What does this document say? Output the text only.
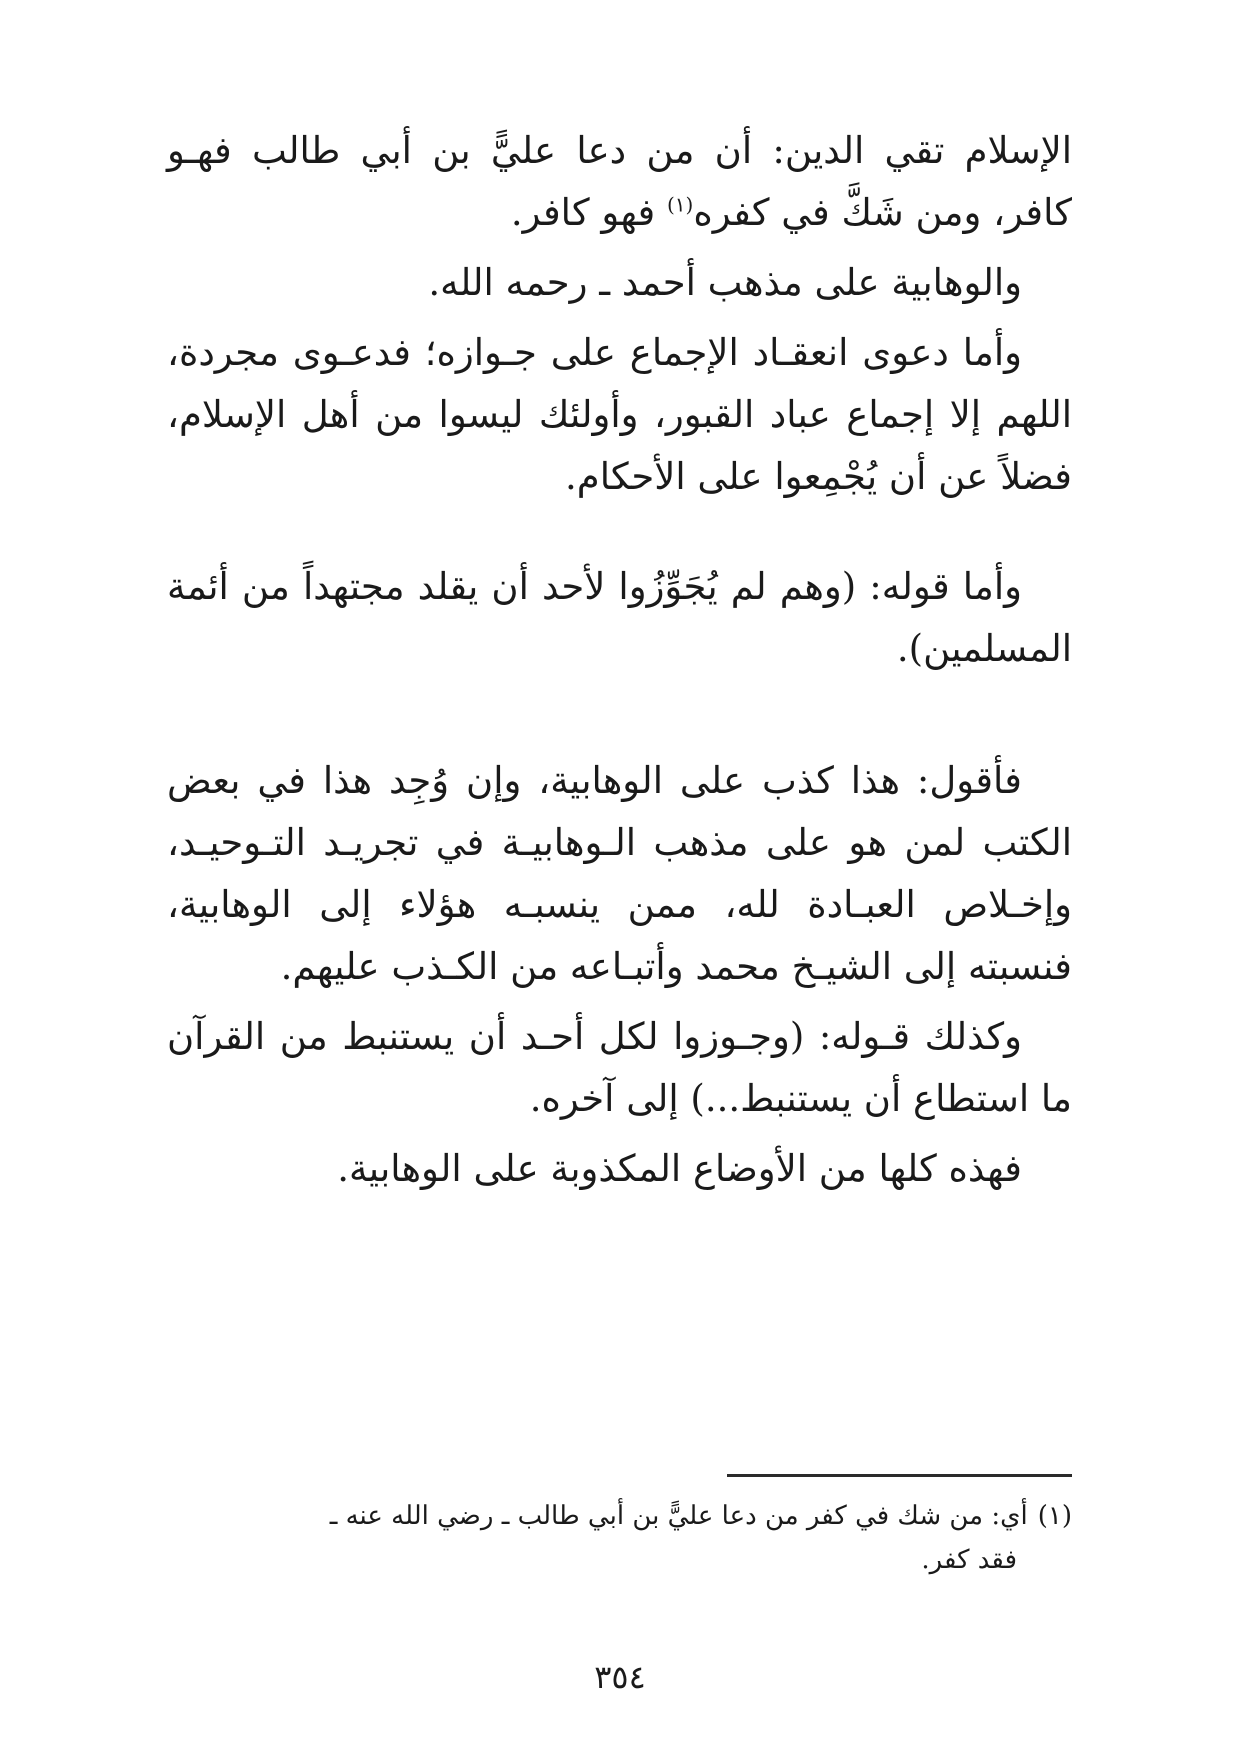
الإسلام تقي الدين: أن من دعا عليًّ بن أبي طالب فهـو كافر، ومن شَكَّ في كفره$^{(١)}$ فهو كافر.

والوهابية على مذهب أحمد ـ رحمه الله.

وأما دعوى انعقـاد الإجماع على جـوازه؛ فدعـوى مجردة، اللهم إلا إجماع عباد القبور، وأولئك ليسوا من أهل الإسلام، فضلاً عن أن يُجْمِعوا على الأحكام.

وأما قوله: (وهم لم يُجَوِّزُوا لأحد أن يقلد مجتهداً من أئمة المسلمين).

فأقول: هذا كذب على الوهابية، وإن وُجِد هذا في بعض الكتب لمن هو على مذهب الـوهابيـة في تجريـد التـوحيـد، وإخـلاص العبـادة لله، ممن ينسبـه هؤلاء إلى الوهابية، فنسبته إلى الشيـخ محمد وأتبـاعه من الكـذب عليهم.

وكذلك قـوله: (وجـوزوا لكل أحـد أن يستنبط من القرآن ما استطاع أن يستنبط...) إلى آخره.

فهذه كلها من الأوضاع المكذوبة على الوهابية.

(١)أي: من شك في كفر من دعا عليًّ بن أبي طالب ـ رضي الله عنه ـ
فقد كفر.
٣٥٤
